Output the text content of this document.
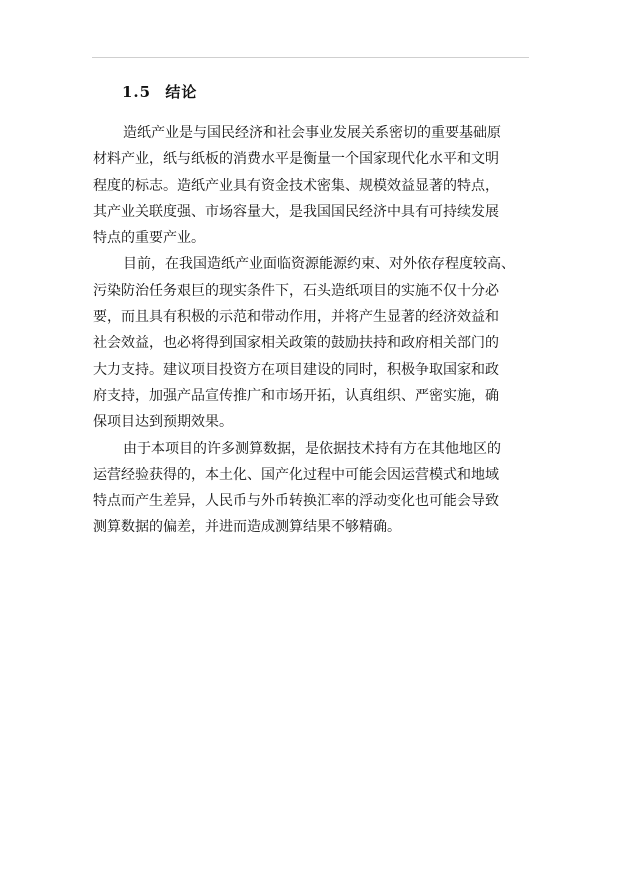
1.5 结论
造纸产业是与国民经济和社会事业发展关系密切的重要基础原
材料产业，纸与纸板的消费水平是衡量一个国家现代化水平和文明
程度的标志。造纸产业具有资金技术密集、规模效益显著的特点，
其产业关联度强、市场容量大，是我国国民经济中具有可持续发展
特点的重要产业。
目前，在我国造纸产业面临资源能源约束、对外依存程度较高、
污染防治任务艰巨的现实条件下，石头造纸项目的实施不仅十分必
要，而且具有积极的示范和带动作用，并将产生显著的经济效益和
社会效益，也必将得到国家相关政策的鼓励扶持和政府相关部门的
大力支持。建议项目投资方在项目建设的同时，积极争取国家和政
府支持，加强产品宣传推广和市场开拓，认真组织、严密实施，确
保项目达到预期效果。
由于本项目的许多测算数据，是依据技术持有方在其他地区的
运营经验获得的，本土化、国产化过程中可能会因运营模式和地域
特点而产生差异，人民币与外币转换汇率的浮动变化也可能会导致
测算数据的偏差，并进而造成测算结果不够精确。
